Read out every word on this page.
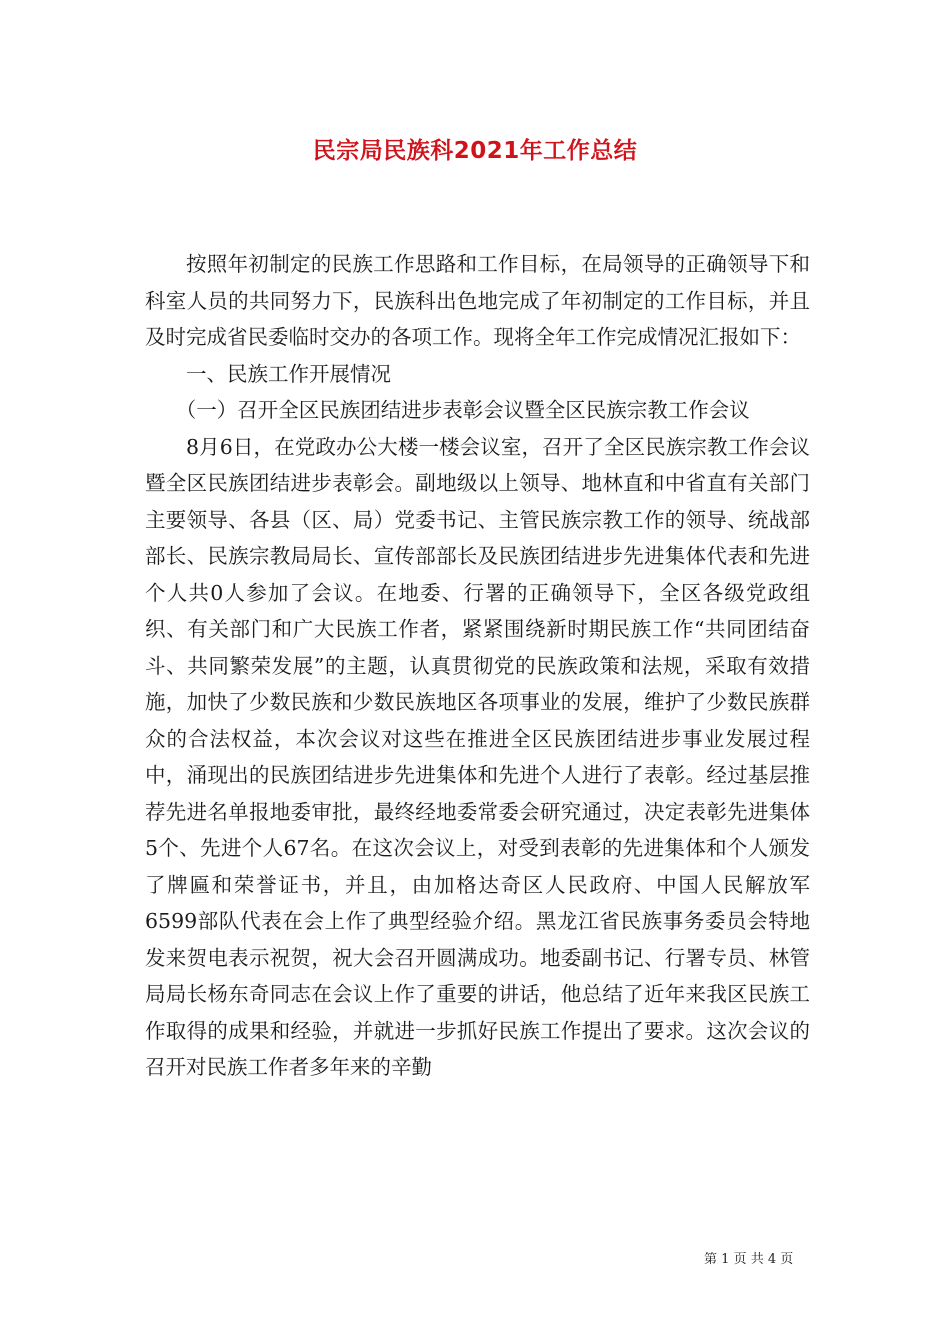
民宗局民族科2021年工作总结

按照年初制定的民族工作思路和工作目标，在局领导的正确领导下和科室人员的共同努力下，民族科出色地完成了年初制定的工作目标，并且及时完成省民委临时交办的各项工作。现将全年工作完成情况汇报如下：

一、民族工作开展情况

（一）召开全区民族团结进步表彰会议暨全区民族宗教工作会议

8月6日，在党政办公大楼一楼会议室，召开了全区民族宗教工作会议暨全区民族团结进步表彰会。副地级以上领导、地林直和中省直有关部门主要领导、各县（区、局）党委书记、主管民族宗教工作的领导、统战部部长、民族宗教局局长、宣传部部长及民族团结进步先进集体代表和先进个人共0人参加了会议。在地委、行署的正确领导下，全区各级党政组织、有关部门和广大民族工作者，紧紧围绕新时期民族工作“共同团结奋斗、共同繁荣发展”的主题，认真贯彻党的民族政策和法规，采取有效措施，加快了少数民族和少数民族地区各项事业的发展，维护了少数民族群众的合法权益，本次会议对这些在推进全区民族团结进步事业发展过程中，涌现出的民族团结进步先进集体和先进个人进行了表彰。经过基层推荐先进名单报地委审批，最终经地委常委会研究通过，决定表彰先进集体5个、先进个人67名。在这次会议上，对受到表彰的先进集体和个人颁发了牌匾和荣誉证书，并且，由加格达奇区人民政府、中国人民解放军6599部队代表在会上作了典型经验介绍。黑龙江省民族事务委员会特地发来贺电表示祝贺，祝大会召开圆满成功。地委副书记、行署专员、林管局局长杨东奇同志在会议上作了重要的讲话，他总结了近年来我区民族工作取得的成果和经验，并就进一步抓好民族工作提出了要求。这次会议的召开对民族工作者多年来的辛勤

第 1 页 共 4 页
